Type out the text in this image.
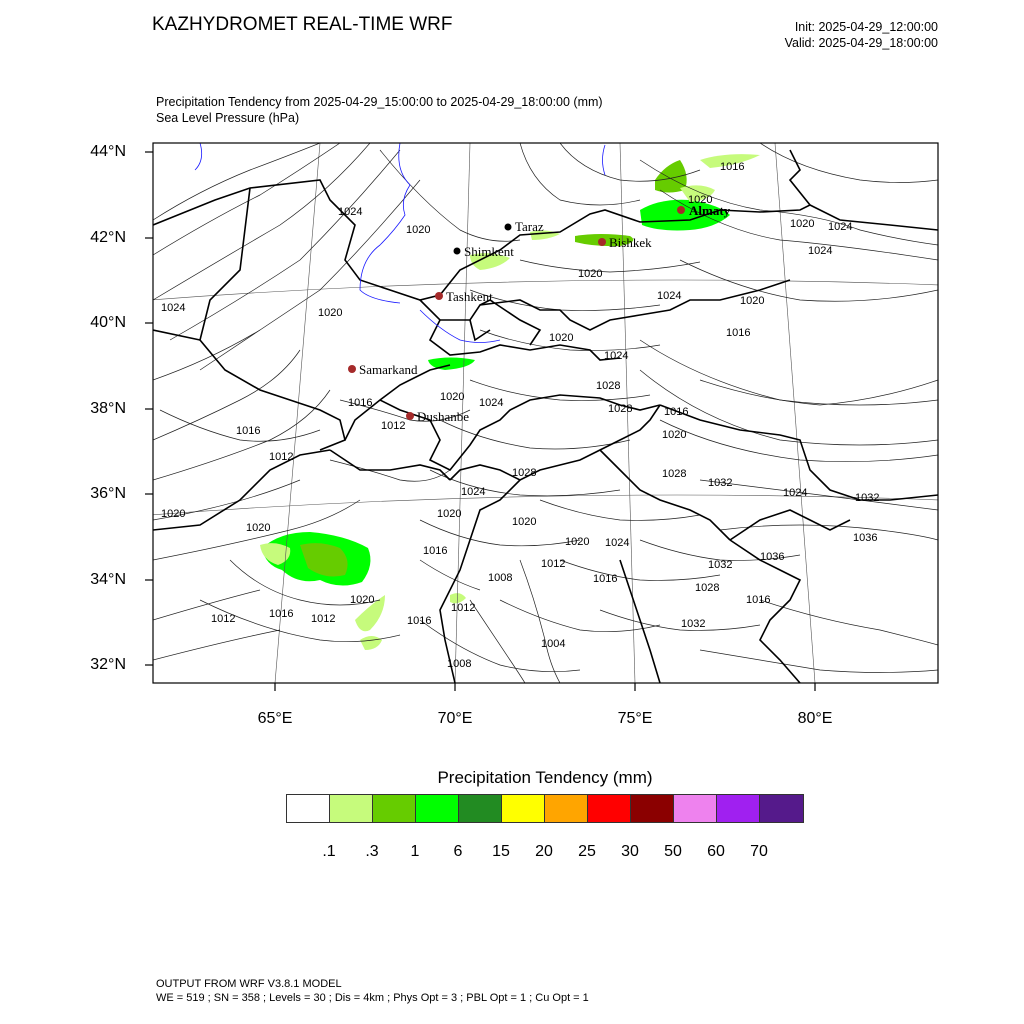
KAZHYDROMET REAL-TIME WRF	Init: 2025-04-29_12:00:00
Valid: 2025-04-29_18:00:00
Precipitation Tendency from 2025-04-29_15:00:00 to 2025-04-29_18:00:00 (mm)
Sea Level Pressure (hPa)
Almaty
Bishkek
Taraz
Shimkent
Tashkent
Samarkand
Dushanbe
1016
1020
1024
1020	1024
1024
1020
1020
1024	1020
1016
1020
1020
1024
1028
1028	1016
1020
1024
1016
1012
1012
1016	1020
1020
1024
1028	1028
1032
1024	1032
1020
1020
1016
1020
1024
1036
1036
1020
1012
1016
1008
1016
1032
1028
1012
1020
1012	1016
1012
1032
1016
1004
1008
1024
44°N
42°N
40°N
38°N
36°N
34°N
32°N
65°E	70°E	75°E	80°E
Precipitation Tendency (mm)
.1	.3	1	6	15	20	25	30	50	60	70
OUTPUT FROM WRF V3.8.1 MODEL
WE = 519 ; SN = 358 ; Levels = 30 ; Dis = 4km ; Phys Opt = 3 ; PBL Opt = 1 ; Cu Opt = 1
